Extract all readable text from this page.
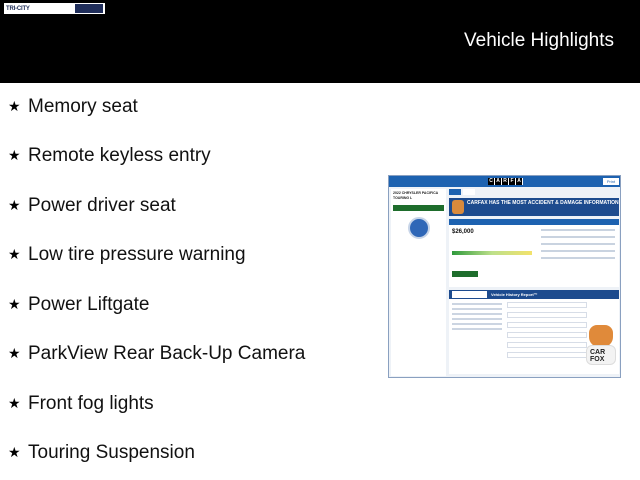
TRI-CITY
Vehicle Highlights
★ Memory seat
★ Remote keyless entry
★ Power driver seat
★ Low tire pressure warning
★ Power Liftgate
★ ParkView Rear Back-Up Camera
★ Front fog lights
★ Touring Suspension
C A R F A	Print
2022 CHRYSLER PACIFICA TOURING L
CARFAX HAS THE MOST ACCIDENT & DAMAGE INFORMATION
$26,000
Vehicle History Report™
CAR FOX
